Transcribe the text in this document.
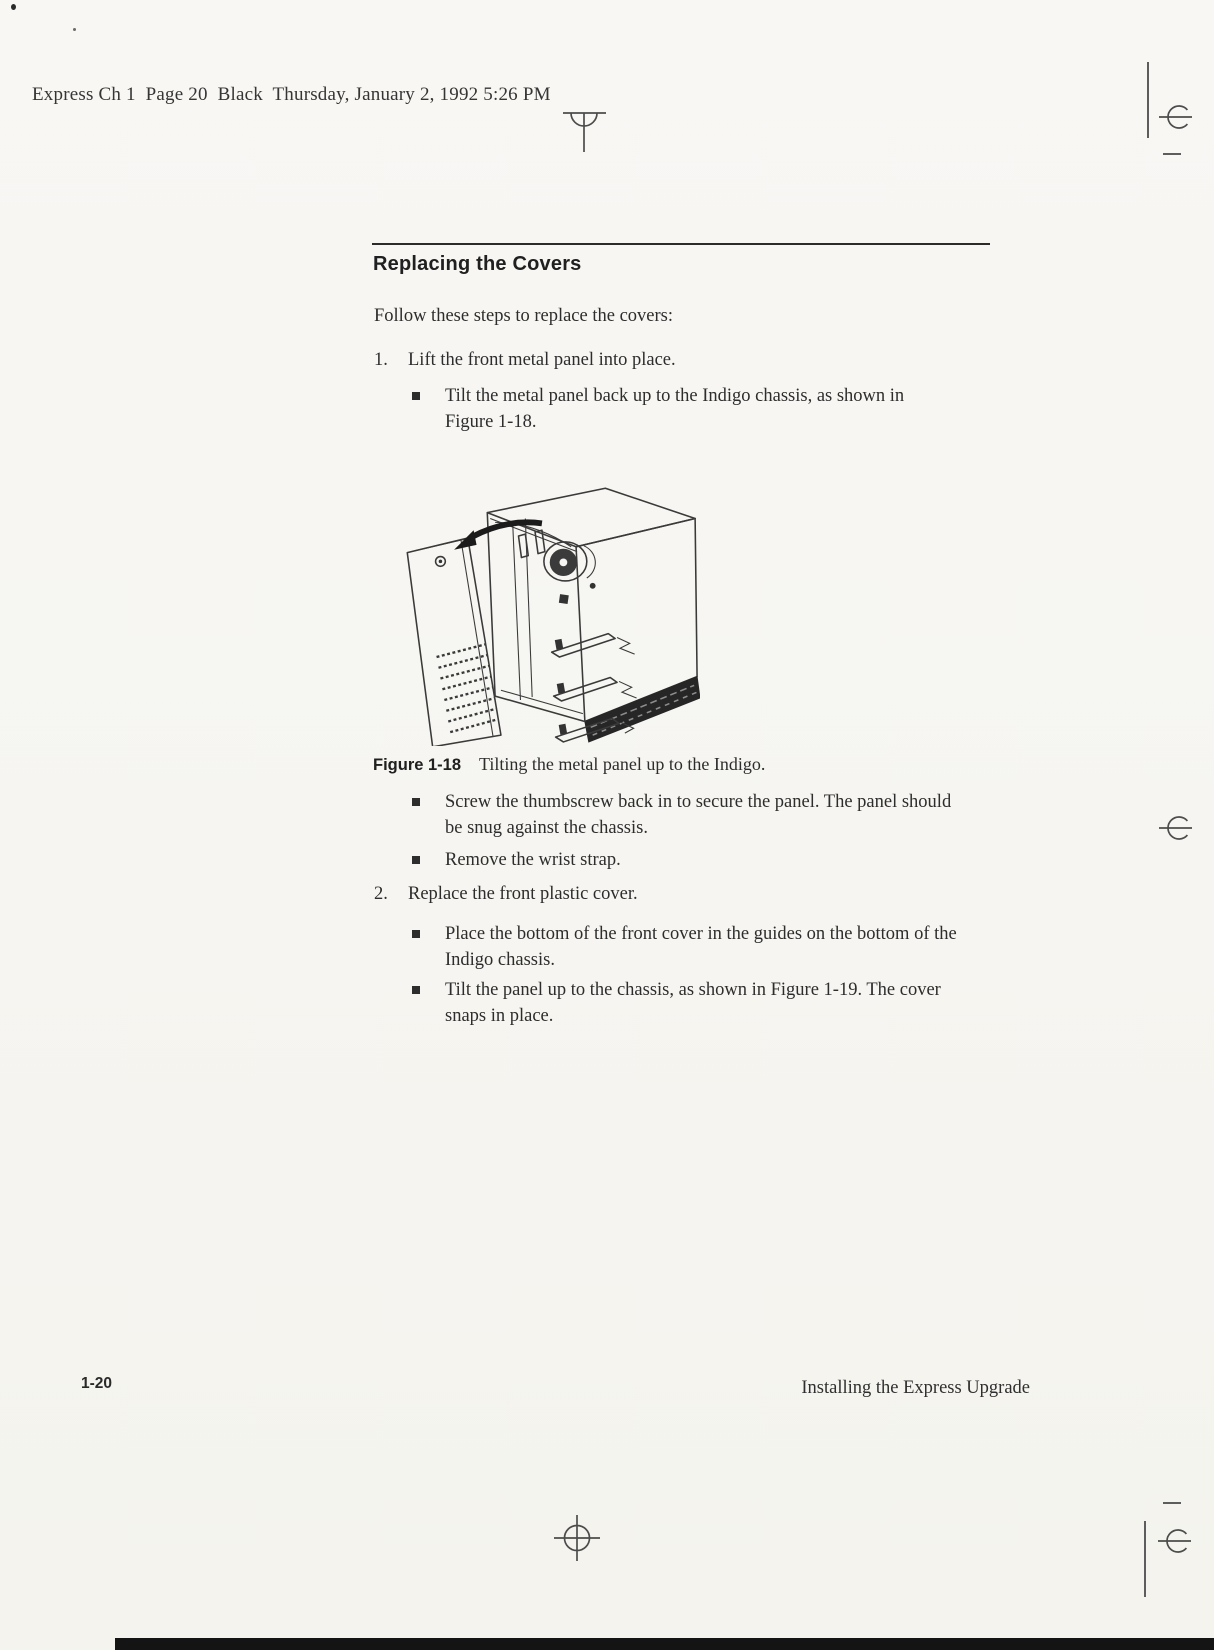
Express Ch 1  Page 20  Black  Thursday, January 2, 1992 5:26 PM
Replacing the Covers
Follow these steps to replace the covers:
1.	Lift the front metal panel into place.
Tilt the metal panel back up to the Indigo chassis, as shown in Figure 1-18.
Figure 1-18 Tilting the metal panel up to the Indigo.
Screw the thumbscrew back in to secure the panel. The panel should be snug against the chassis.
Remove the wrist strap.
2.	Replace the front plastic cover.
Place the bottom of the front cover in the guides on the bottom of the Indigo chassis.
Tilt the panel up to the chassis, as shown in Figure 1-19. The cover snaps in place.
1-20	Installing the Express Upgrade
